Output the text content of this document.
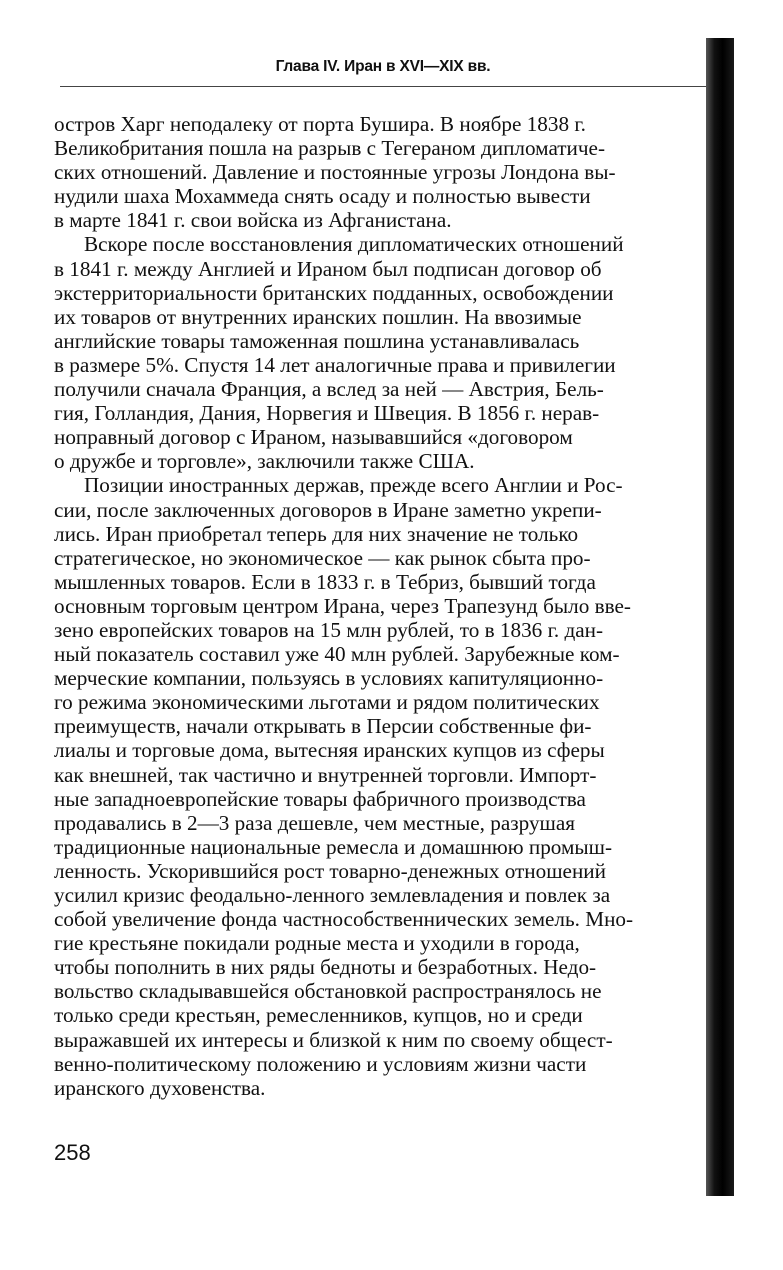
Глава IV. Иран в XVI—XIX вв.
остров Харг неподалеку от порта Бушира. В ноябре 1838 г.
Великобритания пошла на разрыв с Тегераном дипломатиче-
ских отношений. Давление и постоянные угрозы Лондона вы-
нудили шаха Мохаммеда снять осаду и полностью вывести
в марте 1841 г. свои войска из Афганистана.
Вскоре после восстановления дипломатических отношений
в 1841 г. между Англией и Ираном был подписан договор об
экстерриториальности британских подданных, освобождении
их товаров от внутренних иранских пошлин. На ввозимые
английские товары таможенная пошлина устанавливалась
в размере 5%. Спустя 14 лет аналогичные права и привилегии
получили сначала Франция, а вслед за ней — Австрия, Бель-
гия, Голландия, Дания, Норвегия и Швеция. В 1856 г. нерав-
ноправный договор с Ираном, называвшийся «договором
о дружбе и торговле», заключили также США.
Позиции иностранных держав, прежде всего Англии и Рос-
сии, после заключенных договоров в Иране заметно укрепи-
лись. Иран приобретал теперь для них значение не только
стратегическое, но экономическое — как рынок сбыта про-
мышленных товаров. Если в 1833 г. в Тебриз, бывший тогда
основным торговым центром Ирана, через Трапезунд было вве-
зено европейских товаров на 15 млн рублей, то в 1836 г. дан-
ный показатель составил уже 40 млн рублей. Зарубежные ком-
мерческие компании, пользуясь в условиях капитуляционно-
го режима экономическими льготами и рядом политических
преимуществ, начали открывать в Персии собственные фи-
лиалы и торговые дома, вытесняя иранских купцов из сферы
как внешней, так частично и внутренней торговли. Импорт-
ные западноевропейские товары фабричного производства
продавались в 2—3 раза дешевле, чем местные, разрушая
традиционные национальные ремесла и домашнюю промыш-
ленность. Ускорившийся рост товарно-денежных отношений
усилил кризис феодально-ленного землевладения и повлек за
собой увеличение фонда частнособственнических земель. Мно-
гие крестьяне покидали родные места и уходили в города,
чтобы пополнить в них ряды бедноты и безработных. Недо-
вольство складывавшейся обстановкой распространялось не
только среди крестьян, ремесленников, купцов, но и среди
выражавшей их интересы и близкой к ним по своему общест-
венно-политическому положению и условиям жизни части
иранского духовенства.
258
